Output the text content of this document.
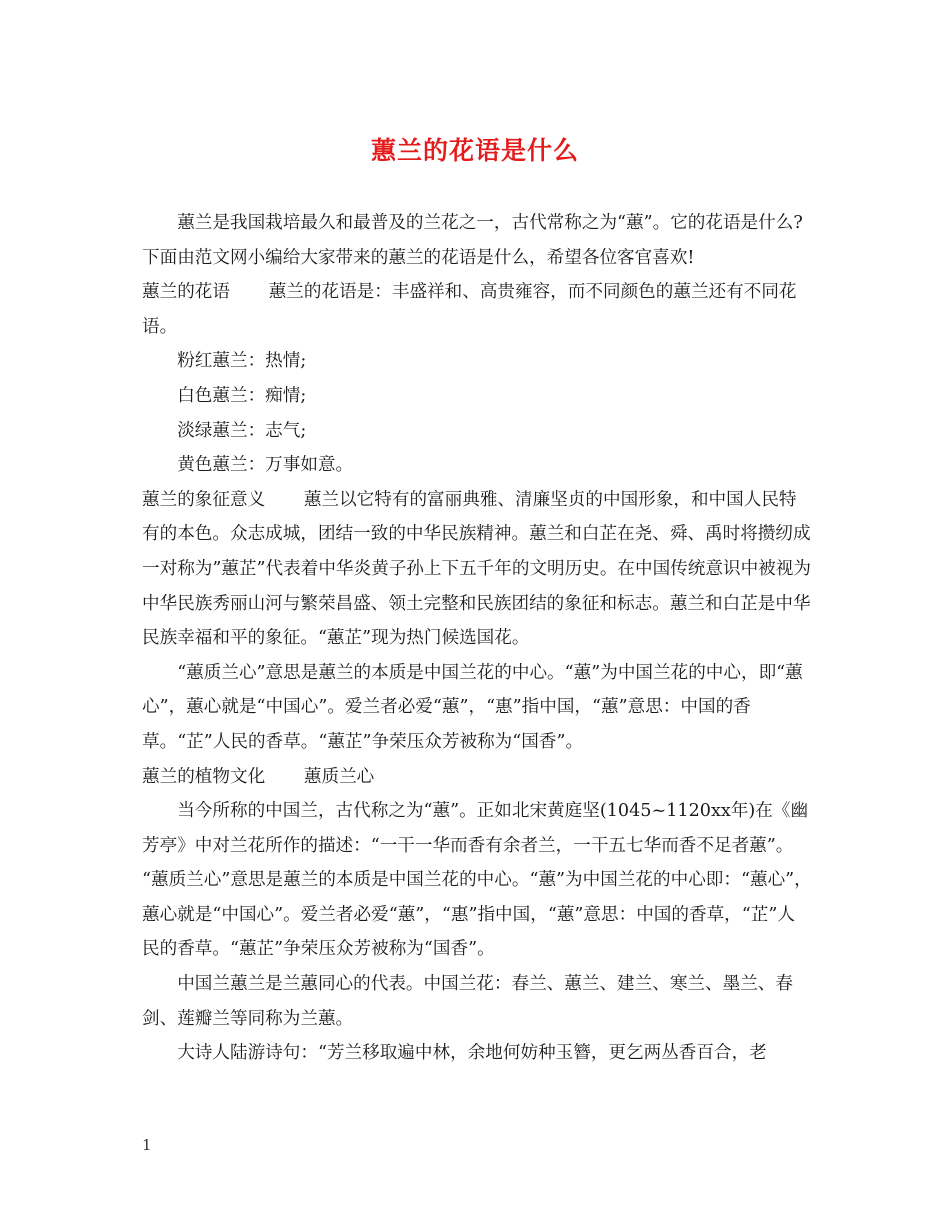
蕙兰的花语是什么

蕙兰是我国栽培最久和最普及的兰花之一，古代常称之为“蕙”。它的花语是什么?下面由范文网小编给大家带来的蕙兰的花语是什么，希望各位客官喜欢!

蕙兰的花语 蕙兰的花语是：丰盛祥和、高贵雍容，而不同颜色的蕙兰还有不同花语。

粉红蕙兰：热情;

白色蕙兰：痴情;

淡绿蕙兰：志气;

黄色蕙兰：万事如意。

蕙兰的象征意义 蕙兰以它特有的富丽典雅、清廉坚贞的中国形象，和中国人民特有的本色。众志成城，团结一致的中华民族精神。蕙兰和白芷在尧、舜、禹时将攒纫成一对称为”蕙芷”代表着中华炎黄子孙上下五千年的文明历史。在中国传统意识中被视为中华民族秀丽山河与繁荣昌盛、领土完整和民族团结的象征和标志。蕙兰和白芷是中华民族幸福和平的象征。“蕙芷”现为热门候选国花。

“蕙质兰心”意思是蕙兰的本质是中国兰花的中心。“蕙”为中国兰花的中心，即“蕙心”，蕙心就是“中国心”。爱兰者必爱“蕙”，“惠”指中国，“蕙”意思：中国的香草。“芷”人民的香草。“蕙芷”争荣压众芳被称为“国香”。

蕙兰的植物文化 蕙质兰心

当今所称的中国兰，古代称之为“蕙”。正如北宋黄庭坚(1045~1120xx年)在《幽芳亭》中对兰花所作的描述：“一干一华而香有余者兰，一干五七华而香不足者蕙”。 “蕙质兰心”意思是蕙兰的本质是中国兰花的中心。“蕙”为中国兰花的中心即：“蕙心”，蕙心就是“中国心”。爱兰者必爱“蕙”，“惠”指中国，“蕙”意思：中国的香草，“芷”人民的香草。“蕙芷”争荣压众芳被称为“国香”。

中国兰蕙兰是兰蕙同心的代表。中国兰花：春兰、蕙兰、建兰、寒兰、墨兰、春剑、莲瓣兰等同称为兰蕙。

大诗人陆游诗句：“芳兰移取遍中林，余地何妨种玉簪，更乞两丛香百合，老

1
